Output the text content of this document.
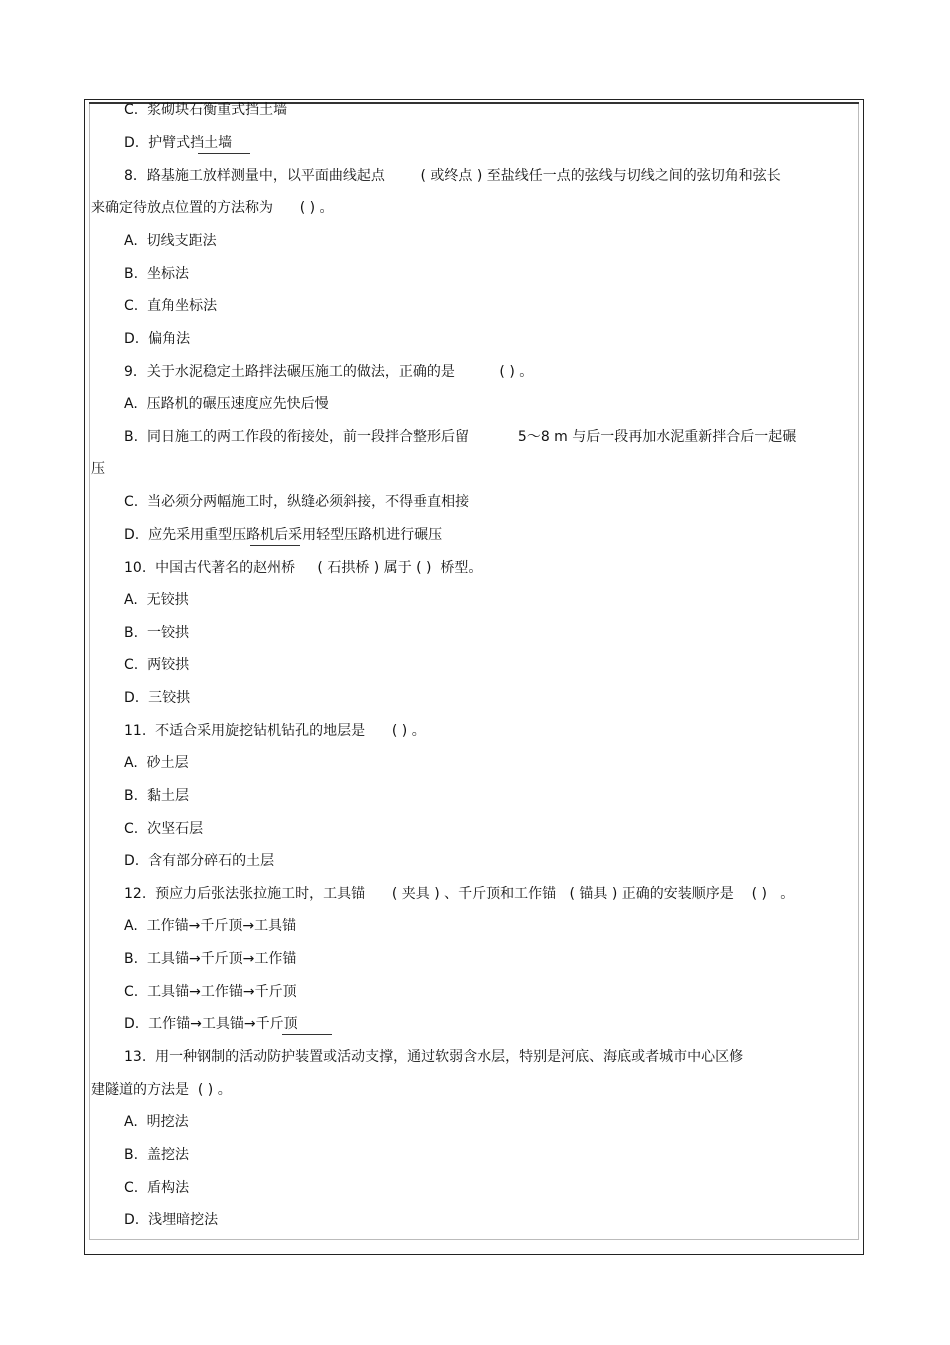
C.  浆砌块石衡重式挡土墙
D.  护臂式挡土墙
8．路基施工放样测量中，以平面曲线起点        ( 或终点 ) 至盐线任一点的弦线与切线之间的弦切角和弦长
来确定待放点位置的方法称为      ( ) 。
A.  切线支距法
B.  坐标法
C.  直角坐标法
D.  偏角法
9．关于水泥稳定土路拌法碾压施工的做法，正确的是          ( ) 。
A.  压路机的碾压速度应先快后慢
B.  同日施工的两工作段的衔接处，前一段拌合整形后留           5～8 m 与后一段再加水泥重新拌合后一起碾
压
C.  当必须分两幅施工时，纵缝必须斜接，不得垂直相接
D.  应先采用重型压路机后采用轻型压路机进行碾压
10.  中国古代著名的赵州桥     ( 石拱桥 ) 属于 ( )  桥型。
A.  无铰拱
B.  一铰拱
C.  两铰拱
D.  三铰拱
11.  不适合采用旋挖钻机钻孔的地层是      ( ) 。
A.  砂土层
B.  黏土层
C.  次坚石层
D.  含有部分碎石的土层
12.  预应力后张法张拉施工时，工具锚      ( 夹具 ) 、千斤顶和工作锚   ( 锚具 ) 正确的安装顺序是    ( )   。
A.  工作锚→千斤顶→工具锚
B.  工具锚→千斤顶→工作锚
C.  工具锚→工作锚→千斤顶
D.  工作锚→工具锚→千斤顶
13.  用一种钢制的活动防护装置或活动支撑，通过软弱含水层，特别是河底、海底或者城市中心区修
建隧道的方法是  ( ) 。
A.  明挖法
B.  盖挖法
C.  盾构法
D.  浅埋暗挖法
